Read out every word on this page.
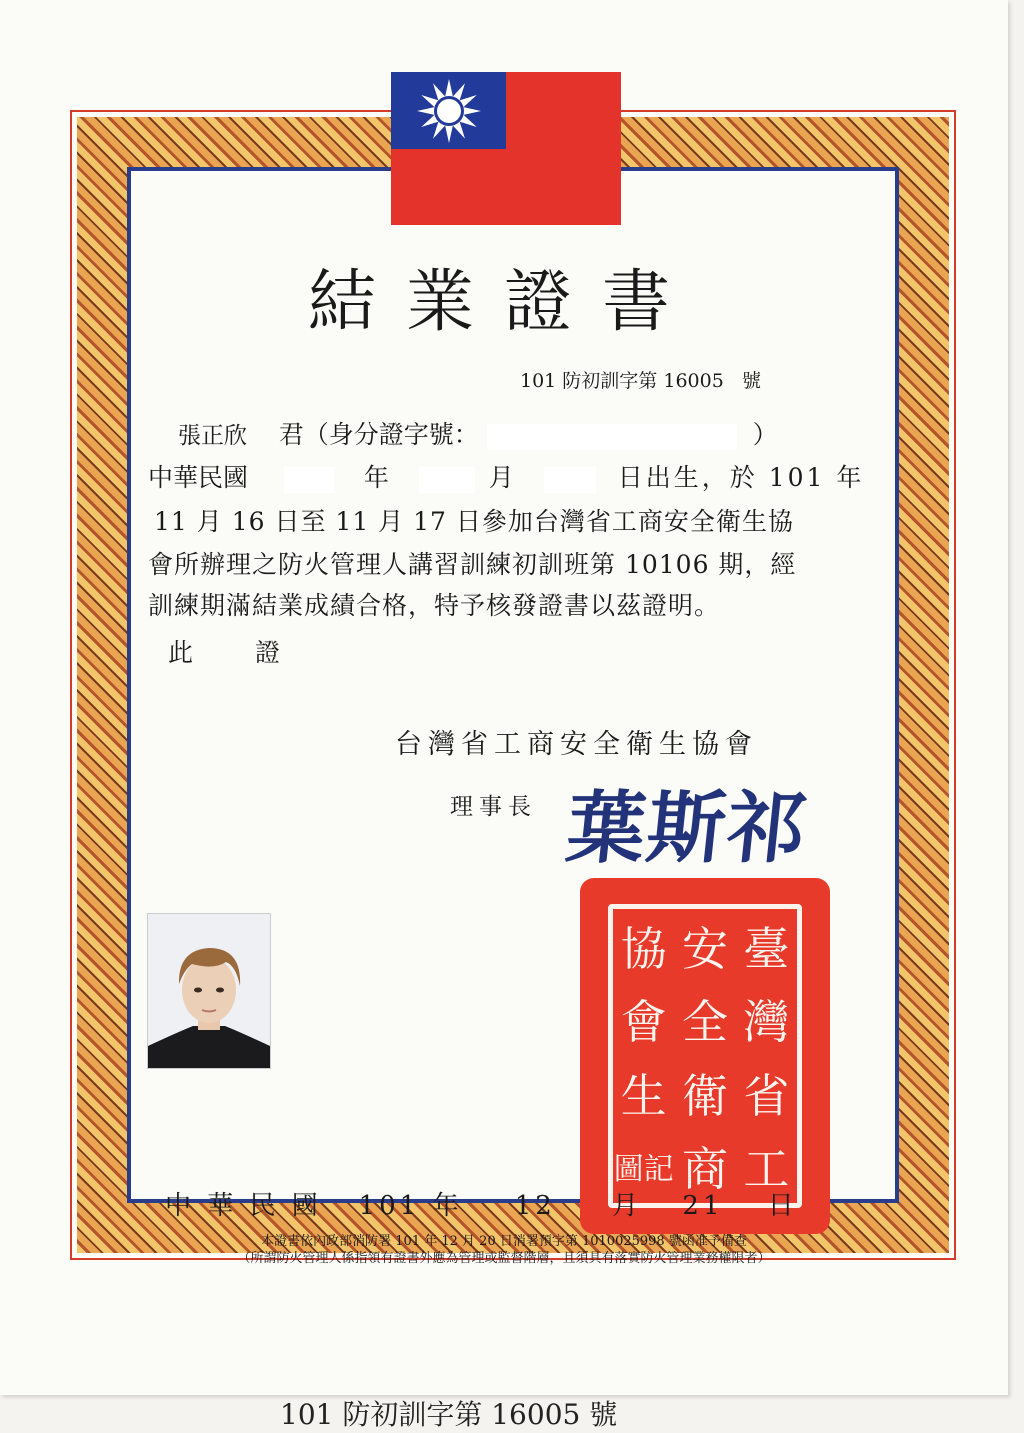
結業證書
101 防初訓字第 16005 號
張正欣 君（身分證字號：	）
中華民國	年	月	日出生，於 101 年
11 月 16 日至 11 月 17 日參加台灣省工商安全衛生協
會所辦理之防火管理人講習訓練初訓班第 10106 期，經
訓練期滿結業成績合格，特予核發證書以茲證明。
此 證
台灣省工商安全衛生協會
理事長 葉斯祁
協 安 臺
會 全 灣
生 衛 省
圖記 商 工
中 華 民 國 101 年 12 月 21 日
本證書依內政部消防署 101 年 12 月 20 日消署預字第 1010025998 號函准予備查
（所謂防火管理人係指領有證書外應為管理或監督階層，且須具有落實防火管理業務權限者）
101 防初訓字第 16005 號
